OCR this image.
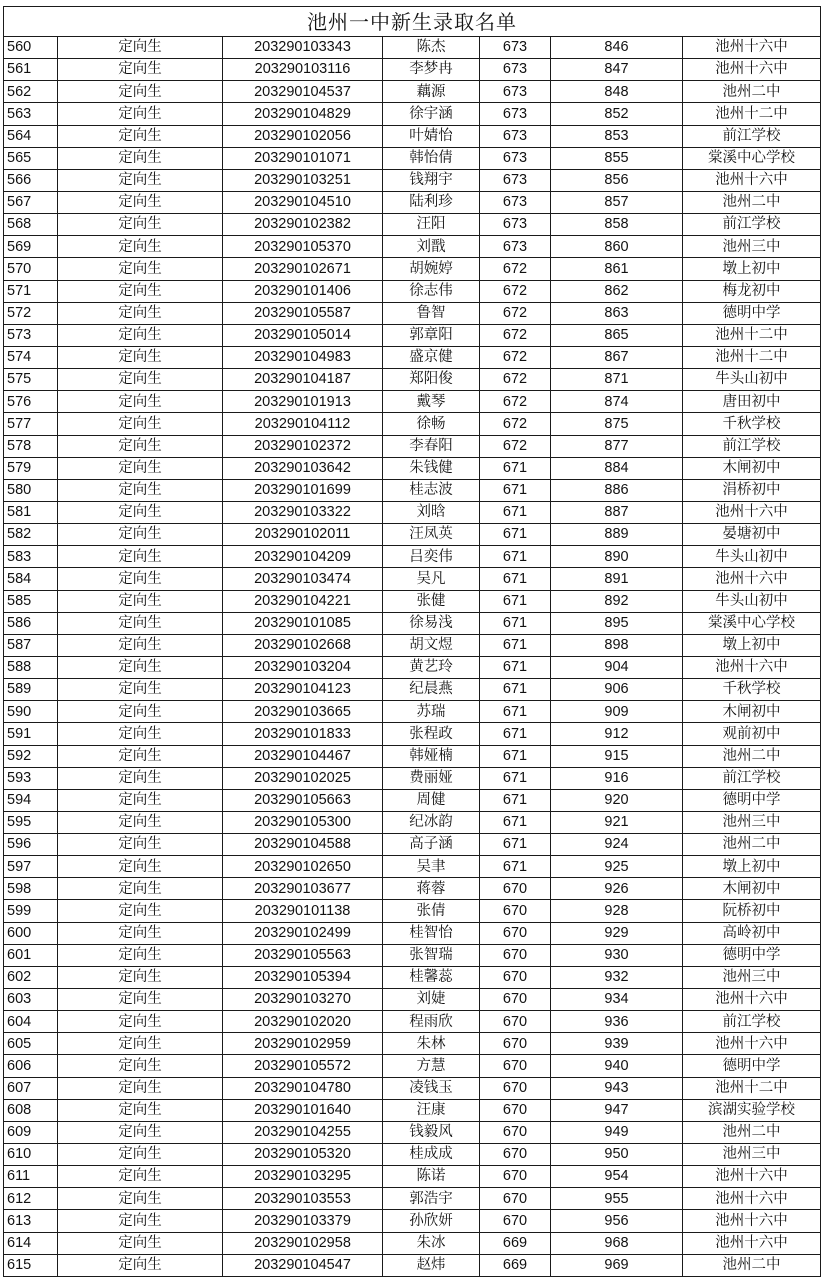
池州一中新生录取名单						
560	定向生	203290103343	陈杰	673	846	池州十六中
561	定向生	203290103116	李梦冉	673	847	池州十六中
562	定向生	203290104537	藕源	673	848	池州二中
563	定向生	203290104829	徐宇涵	673	852	池州十二中
564	定向生	203290102056	叶婧怡	673	853	前江学校
565	定向生	203290101071	韩怡倩	673	855	棠溪中心学校
566	定向生	203290103251	钱翔宇	673	856	池州十六中
567	定向生	203290104510	陆利珍	673	857	池州二中
568	定向生	203290102382	汪阳	673	858	前江学校
569	定向生	203290105370	刘戬	673	860	池州三中
570	定向生	203290102671	胡婉婷	672	861	墩上初中
571	定向生	203290101406	徐志伟	672	862	梅龙初中
572	定向生	203290105587	鲁智	672	863	德明中学
573	定向生	203290105014	郭章阳	672	865	池州十二中
574	定向生	203290104983	盛京健	672	867	池州十二中
575	定向生	203290104187	郑阳俊	672	871	牛头山初中
576	定向生	203290101913	戴琴	672	874	唐田初中
577	定向生	203290104112	徐畅	672	875	千秋学校
578	定向生	203290102372	李春阳	672	877	前江学校
579	定向生	203290103642	朱钱健	671	884	木闸初中
580	定向生	203290101699	桂志波	671	886	涓桥初中
581	定向生	203290103322	刘晗	671	887	池州十六中
582	定向生	203290102011	汪凤英	671	889	晏塘初中
583	定向生	203290104209	吕奕伟	671	890	牛头山初中
584	定向生	203290103474	吴凡	671	891	池州十六中
585	定向生	203290104221	张健	671	892	牛头山初中
586	定向生	203290101085	徐易浅	671	895	棠溪中心学校
587	定向生	203290102668	胡文煜	671	898	墩上初中
588	定向生	203290103204	黄艺玲	671	904	池州十六中
589	定向生	203290104123	纪晨燕	671	906	千秋学校
590	定向生	203290103665	苏瑞	671	909	木闸初中
591	定向生	203290101833	张程政	671	912	观前初中
592	定向生	203290104467	韩娅楠	671	915	池州二中
593	定向生	203290102025	费丽娅	671	916	前江学校
594	定向生	203290105663	周健	671	920	德明中学
595	定向生	203290105300	纪冰韵	671	921	池州三中
596	定向生	203290104588	高子涵	671	924	池州二中
597	定向生	203290102650	吴聿	671	925	墩上初中
598	定向生	203290103677	蒋蓉	670	926	木闸初中
599	定向生	203290101138	张倩	670	928	阮桥初中
600	定向生	203290102499	桂智怡	670	929	高岭初中
601	定向生	203290105563	张智瑞	670	930	德明中学
602	定向生	203290105394	桂馨蕊	670	932	池州三中
603	定向生	203290103270	刘婕	670	934	池州十六中
604	定向生	203290102020	程雨欣	670	936	前江学校
605	定向生	203290102959	朱林	670	939	池州十六中
606	定向生	203290105572	方慧	670	940	德明中学
607	定向生	203290104780	凌钱玉	670	943	池州十二中
608	定向生	203290101640	汪康	670	947	滨湖实验学校
609	定向生	203290104255	钱毅风	670	949	池州二中
610	定向生	203290105320	桂成成	670	950	池州三中
611	定向生	203290103295	陈诺	670	954	池州十六中
612	定向生	203290103553	郭浩宇	670	955	池州十六中
613	定向生	203290103379	孙欣妍	670	956	池州十六中
614	定向生	203290102958	朱冰	669	968	池州十六中
615	定向生	203290104547	赵炜	669	969	池州二中
